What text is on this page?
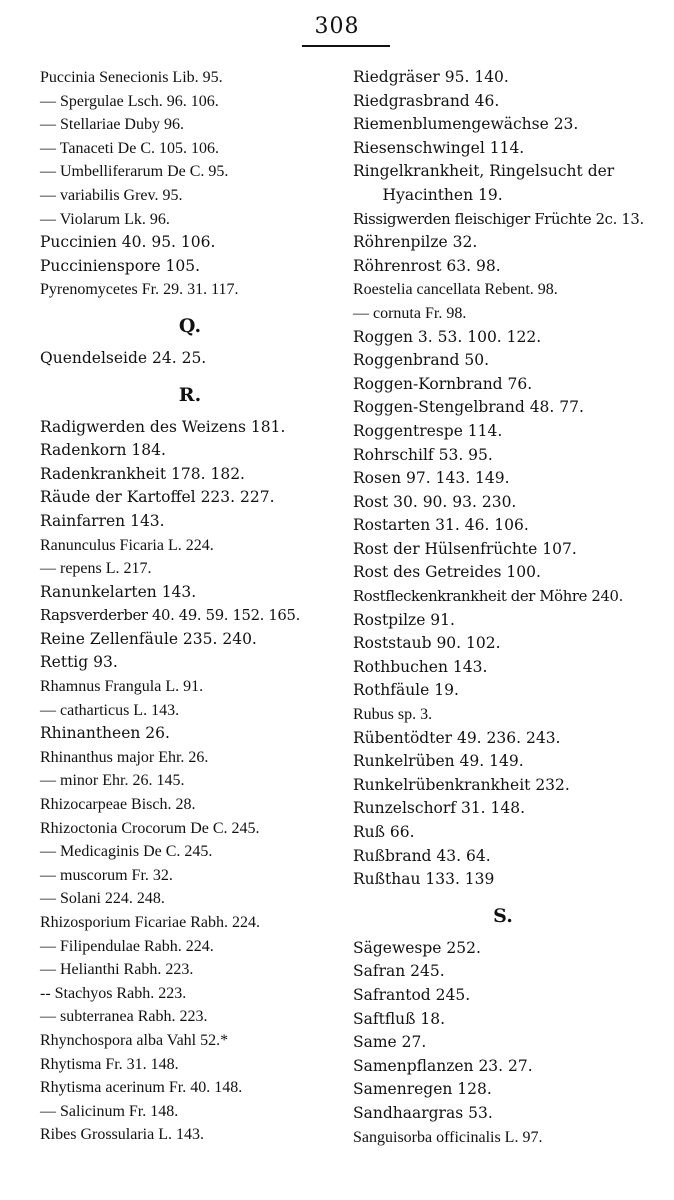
308
Puccinia Senecionis Lib. 95.
— Spergulae Lsch. 96. 106.
— Stellariae Duby 96.
— Tanaceti De C. 105. 106.
— Umbelliferarum De C. 95.
— variabilis Grev. 95.
— Violarum Lk. 96.
Puccinien 40. 95. 106.
Puccinienspore 105.
Pyrenomycetes Fr. 29. 31. 117.
Q.
Quendelseide 24. 25.
R.
Radigwerden des Weizens 181.
Radenkorn 184.
Radenkrankheit 178. 182.
Räude der Kartoffel 223. 227.
Rainfarren 143.
Ranunculus Ficaria L. 224.
— repens L. 217.
Ranunkelarten 143.
Rapsverderber 40. 49. 59. 152. 165.
Reine Zellenfäule 235. 240.
Rettig 93.
Rhamnus Frangula L. 91.
— catharticus L. 143.
Rhinantheen 26.
Rhinanthus major Ehr. 26.
— minor Ehr. 26. 145.
Rhizocarpeae Bisch. 28.
Rhizoctonia Crocorum De C. 245.
— Medicaginis De C. 245.
— muscorum Fr. 32.
— Solani 224. 248.
Rhizosporium Ficariae Rabh. 224.
— Filipendulae Rabh. 224.
— Helianthi Rabh. 223.
-- Stachyos Rabh. 223.
— subterranea Rabh. 223.
Rhynchospora alba Vahl 52.*
Rhytisma Fr. 31. 148.
Rhytisma acerinum Fr. 40. 148.
— Salicinum Fr. 148.
Ribes Grossularia L. 143.
Riedgräser 95. 140.
Riedgrasbrand 46.
Riemenblumengewächse 23.
Riesenschwingel 114.
Ringelkrankheit, Ringelsucht der
Hyacinthen 19.
Rissigwerden fleischiger Früchte 2c. 13.
Röhrenpilze 32.
Röhrenrost 63. 98.
Roestelia cancellata Rebent. 98.
— cornuta Fr. 98.
Roggen 3. 53. 100. 122.
Roggenbrand 50.
Roggen-Kornbrand 76.
Roggen-Stengelbrand 48. 77.
Roggentrespe 114.
Rohrschilf 53. 95.
Rosen 97. 143. 149.
Rost 30. 90. 93. 230.
Rostarten 31. 46. 106.
Rost der Hülsenfrüchte 107.
Rost des Getreides 100.
Rostfleckenkrankheit der Möhre 240.
Rostpilze 91.
Roststaub 90. 102.
Rothbuchen 143.
Rothfäule 19.
Rubus sp. 3.
Rübentödter 49. 236. 243.
Runkelrüben 49. 149.
Runkelrübenkrankheit 232.
Runzelschorf 31. 148.
Ruß 66.
Rußbrand 43. 64.
Rußthau 133. 139
S.
Sägewespe 252.
Safran 245.
Safrantod 245.
Saftfluß 18.
Same 27.
Samenpflanzen 23. 27.
Samenregen 128.
Sandhaargras 53.
Sanguisorba officinalis L. 97.
